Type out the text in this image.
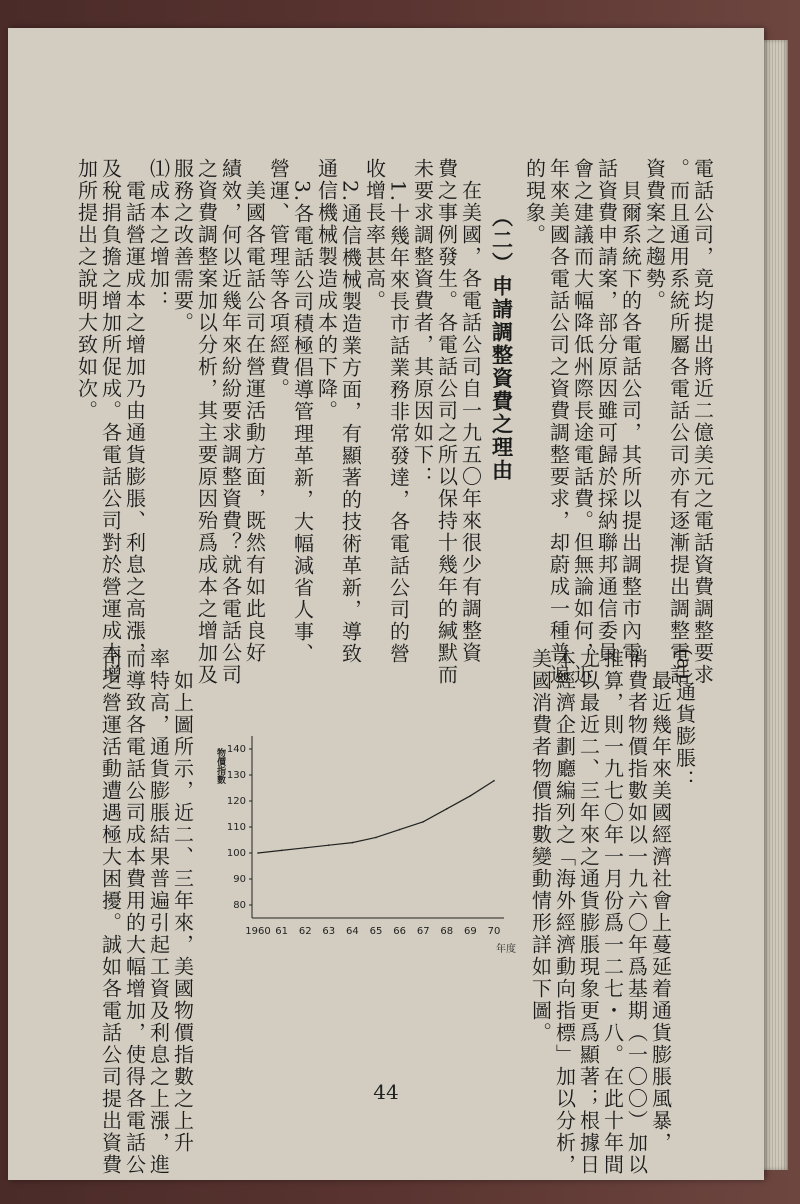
電話公司，竟均提出將近二億美元之電話資費調整要求
。而且通用系統所屬各電話公司亦有逐漸提出調整電話
資費案之趨勢。
　貝爾系統下的各電話公司，其所以提出調整市內電
話資費申請案，部分原因雖可歸於採納聯邦通信委員
會之建議而大幅降低州際長途電話費。但無論如何，近
年來美國各電話公司之資費調整要求，却蔚成一種普遍
的現象。
（二）申請調整資費之理由
　在美國，各電話公司自一九五〇年來很少有調整資
費之事例發生。各電話公司之所以保持十幾年的緘默而
未要求調整資費者，其原因如下：
　1.十幾年來長市話業務非常發達，各電話公司的營
收增長率甚高。
　2.通信機械製造業方面，有顯著的技術革新，導致
通信機械製造成本的下降。
　3.各電話公司積極倡導管理革新，大幅減省人事、
營運、管理等各項經費。
　美國各電話公司在營運活動方面，既然有如此良好
績效，何以近幾年來紛紛要求調整資費？就各電話公司
之資費調整案加以分析，其主要原因殆爲成本之增加及
服務之改善需要。
⑴成本之增加：
　電話營運成本之增加乃由通貨膨脹、利息之高漲，
及稅捐負擔之增加所促成。各電話公司對於營運成本增
加所提出之說明大致如次。
(a)通貨膨脹：
　最近幾年來美國經濟社會上蔓延着通貨膨脹風暴，
消費者物價指數如以一九六〇年爲基期（一〇〇）加以
推算，則一九七〇年一月份爲一二七・八。在此十年間
尤以最近二、三年來之通貨膨脹現象更爲顯著；根據日
本經濟企劃廳編列之「海外經濟動向指標」加以分析，
美國消費者物價指數變動情形詳如下圖。
　如上圖所示，近二、三年來，美國物價指數之上升
率特高，通貨膨脹結果普遍引起工資及利息之上漲，進
而導致各電話公司成本費用的大幅增加，使得各電話公
司之營運活動遭遇極大困擾。誠如各電話公司提出資費	140
130
120
110
100
90
80
1960 61 62 63 64 65 66 67 68 69 70
物價指數
年度
44
